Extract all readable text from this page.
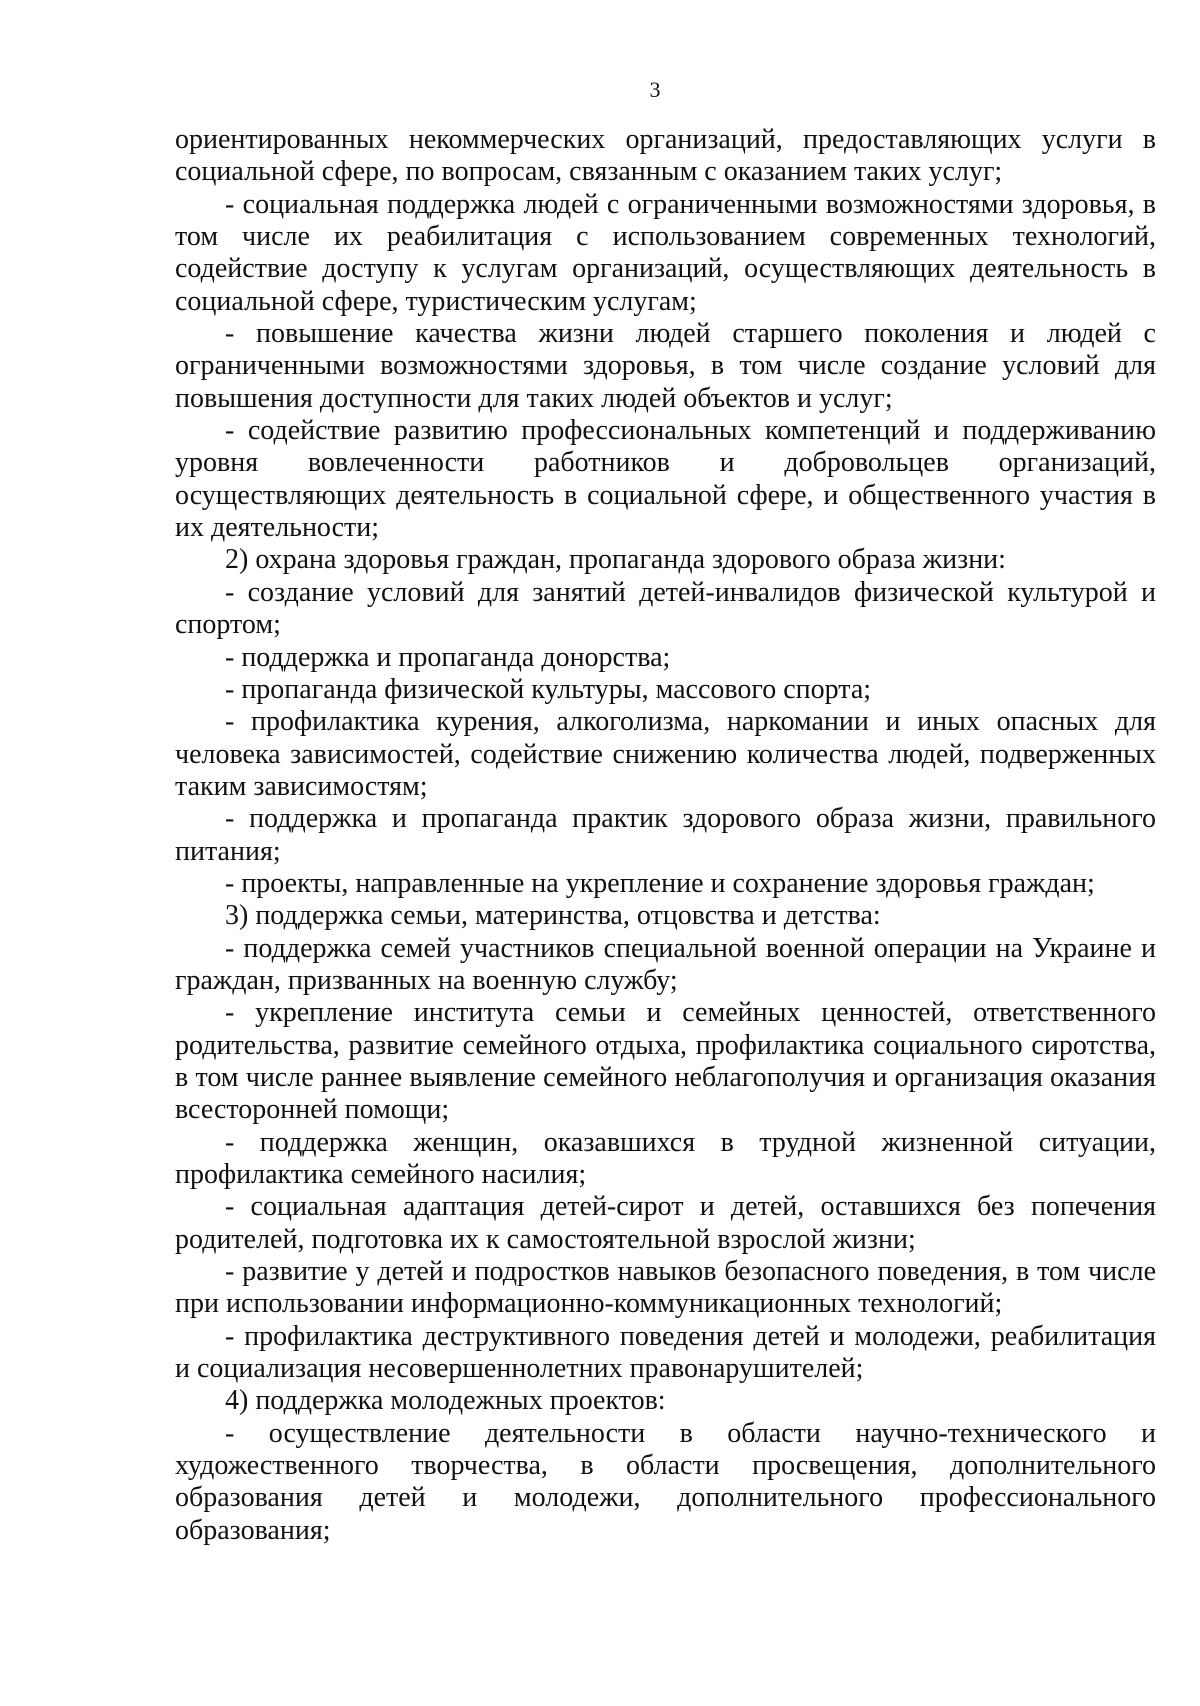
3

ориентированных некоммерческих организаций, предоставляющих услуги в социальной сфере, по вопросам, связанным с оказанием таких услуг;

- социальная поддержка людей с ограниченными возможностями здоровья, в том числе их реабилитация с использованием современных технологий, содействие доступу к услугам организаций, осуществляющих деятельность в социальной сфере, туристическим услугам;

- повышение качества жизни людей старшего поколения и людей с ограниченными возможностями здоровья, в том числе создание условий для повышения доступности для таких людей объектов и услуг;

- содействие развитию профессиональных компетенций и поддерживанию уровня вовлеченности работников и добровольцев организаций, осуществляющих деятельность в социальной сфере, и общественного участия в их деятельности;

2) охрана здоровья граждан, пропаганда здорового образа жизни:

- создание условий для занятий детей-инвалидов физической культурой и спортом;

- поддержка и пропаганда донорства;

- пропаганда физической культуры, массового спорта;

- профилактика курения, алкоголизма, наркомании и иных опасных для человека зависимостей, содействие снижению количества людей, подверженных таким зависимостям;

- поддержка и пропаганда практик здорового образа жизни, правильного питания;

- проекты, направленные на укрепление и сохранение здоровья граждан;

3) поддержка семьи, материнства, отцовства и детства:

- поддержка семей участников специальной военной операции на Украине и граждан, призванных на военную службу;

- укрепление института семьи и семейных ценностей, ответственного родительства, развитие семейного отдыха, профилактика социального сиротства, в том числе раннее выявление семейного неблагополучия и организация оказания всесторонней помощи;

- поддержка женщин, оказавшихся в трудной жизненной ситуации, профилактика семейного насилия;

- социальная адаптация детей-сирот и детей, оставшихся без попечения родителей, подготовка их к самостоятельной взрослой жизни;

- развитие у детей и подростков навыков безопасного поведения, в том числе при использовании информационно-коммуникационных технологий;

- профилактика деструктивного поведения детей и молодежи, реабилитация и социализация несовершеннолетних правонарушителей;

4) поддержка молодежных проектов:

- осуществление деятельности в области научно-технического и художественного творчества, в области просвещения, дополнительного образования детей и молодежи, дополнительного профессионального образования;
